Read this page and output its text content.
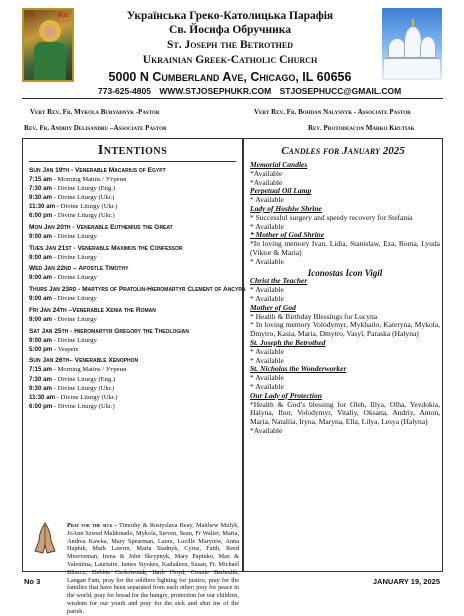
СВ.	ЙОС	Українська Греко-Католицька Парафія
Св. Йосифа Обручника
St. Joseph the Betrothed
Ukrainian Greek-Catholic Church
5000 N Cumberland Ave, Chicago, IL 60656
773-625-4805 WWW.STJOSEPHUKR.COM STJOSEPHUCC@GMAIL.COM
Very Rev. Fr. Mykola Buryadnyk -Pastor
Rev. Fr. Andriy Delisandru –Associate Pastor
Very Rev. Fr. Bohdan Nalysnyk - Associate Pastor
Rev. Protodeacon Marko Krutiak
Intentions
Sun Jan 19th - Venerable Macarius of Egypt
7:15 am - Morning Matins / Утреня
7:30 am - Divine Liturgy (Eng.)
9:30 am - Divine Liturgy (Ukr.)
11:30 am - Divine Liturgy (Ukr.)
6:00 pm - Divine Liturgy (Ukr.)
Mon Jan 20th - Venerable Euthemius the Great
9:00 am - Divine Liturgy
Tues Jan 21st - Venerable Maximus the Confessor
9:00 am - Divine Liturgy
Wed Jan 22nd – Apostle Timothy
9:00 am - Divine Liturgy
Thurs Jan 23rd - Martyrs of Pratolin-Hieromartyr Clement of Ancyra
9:00 am - Divine Liturgy
Fri Jan 24th –Venerable Xenia the Roman
9:00 am - Divine Liturgy
Sat Jan 25th - Hieromartyr Gregory the Theologian
9:00 am - Divine Liturgy
5:00 pm - Vespers
Sun Jan 26th– Venerable Xenophon
7:15 am - Morning Matins / Утреня
7:30 am - Divine Liturgy (Eng.)
9:30 am - Divine Liturgy (Ukr.)
11:30 am - Divine Liturgy (Ukr.)
6:00 pm - Divine Liturgy (Ukr.)
Pray for the sick - Timothy & Rostyslava Reay, Matthew Mulyk, JoAnn Szwed Maldonado, Mykola, Steven, Sean, Fr Walter, Maria, Andrea Kawka, Mary Spearman, Laura, Lucille Maryniw, Anna Hajduk, Mark Lawrin, Marta Stadnyk, Cyrus, Faith, Reed Meerveman, Irena & John Skrypnyk, Mary Papinko, Max & Valentina, Laurtaire, James Styokes, Kathaleen, Susan, Fr. Michael Bliszcz, Debbie Cerkowniak, Barb Floyd, Connie Berhodth, Langan Fam, pray for the soldiers fighting for justice, pray for the families that have been separated from each other; pray for peace in the world, pray for bread for the hungry, protection for our children, wisdom for our youth and pray for the sick and shut ins of the parish.
Candles for January 2025
Memorial Candles
*Available
*Available
Perpetual Oil Lamp
* Available
Lady of Hoshiw Shrine
* Successful surgery and speedy recovery for Stefania
* Available
* Mother of God Shrine
*In loving memory Ivan, Lidia, Stanislaw, Eza, Roma, Lyuda (Viktor & Maria)
* Available
Iconostas Icon Vigil
Christ the Teacher
* Available
* Available
Mother of God
* Health & Birthday Blessings for Lucyna
* In loving memory Volodymyr, Mykhailo, Kateryna, Mykola, Dmytro, Kasia, Maria, Dmytro, Vasyl, Paraska (Halyna)
St. Joseph the Betrothed
* Available
* Available
St. Nicholas the Wonderworker
* Available
* Available
Our Lady of Protection
*Health & God’s blessing for Oleh, Illya, Olha, Yevdokia, Halyna, Ihor, Volodymyr, Vitaliy, Oksana, Andriy, Anton, Maria, Nataliia, Iryna, Maryna, Ella, Lilya, Lesya (Halyna)
*Available
No 3	JANUARY 19, 2025
